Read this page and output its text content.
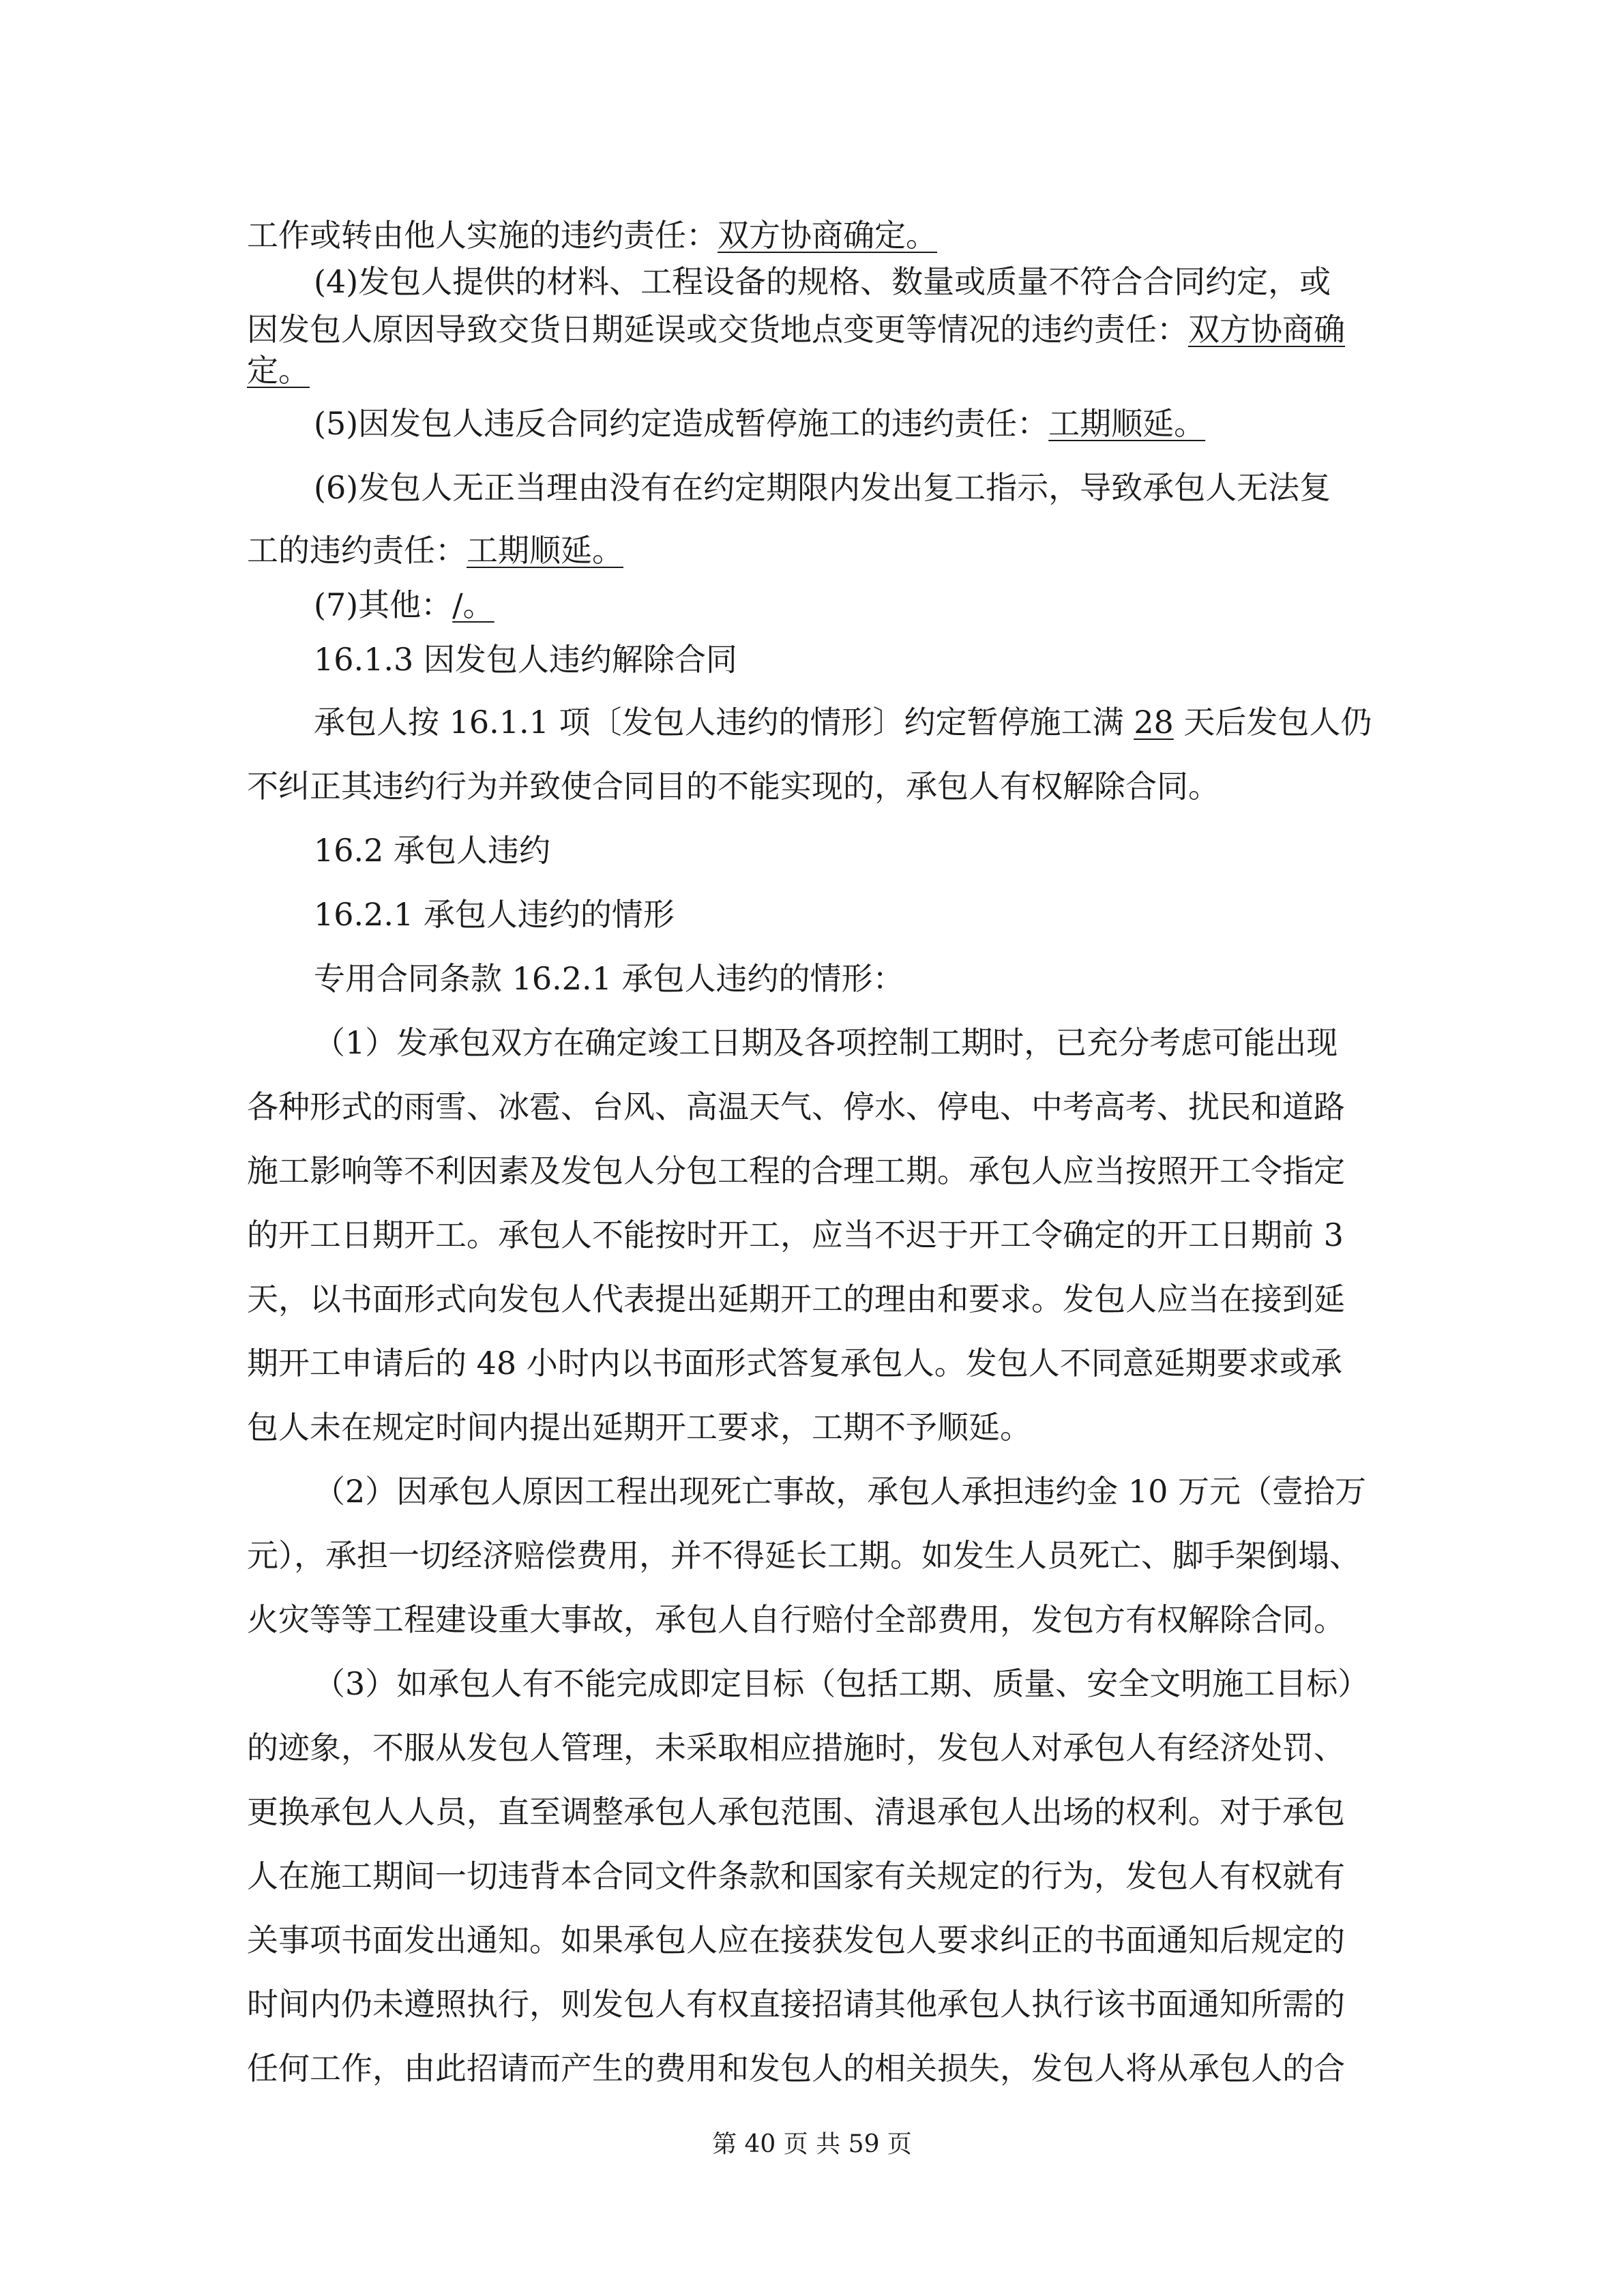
工作或转由他人实施的违约责任：双方协商确定。
(4)发包人提供的材料、工程设备的规格、数量或质量不符合合同约定，或
因发包人原因导致交货日期延误或交货地点变更等情况的违约责任：双方协商确
定。
(5)因发包人违反合同约定造成暂停施工的违约责任：工期顺延。
(6)发包人无正当理由没有在约定期限内发出复工指示，导致承包人无法复
工的违约责任：工期顺延。
(7)其他：/。
16.1.3 因发包人违约解除合同
承包人按 16.1.1 项〔发包人违约的情形〕约定暂停施工满 28 天后发包人仍
不纠正其违约行为并致使合同目的不能实现的，承包人有权解除合同。
16.2 承包人违约
16.2.1 承包人违约的情形
专用合同条款 16.2.1 承包人违约的情形：
（1）发承包双方在确定竣工日期及各项控制工期时，已充分考虑可能出现
各种形式的雨雪、冰雹、台风、高温天气、停水、停电、中考高考、扰民和道路
施工影响等不利因素及发包人分包工程的合理工期。承包人应当按照开工令指定
的开工日期开工。承包人不能按时开工，应当不迟于开工令确定的开工日期前 3
天，以书面形式向发包人代表提出延期开工的理由和要求。发包人应当在接到延
期开工申请后的 48 小时内以书面形式答复承包人。发包人不同意延期要求或承
包人未在规定时间内提出延期开工要求，工期不予顺延。
（2）因承包人原因工程出现死亡事故，承包人承担违约金 10 万元（壹拾万
元），承担一切经济赔偿费用，并不得延长工期。如发生人员死亡、脚手架倒塌、
火灾等等工程建设重大事故，承包人自行赔付全部费用，发包方有权解除合同。
（3）如承包人有不能完成即定目标（包括工期、质量、安全文明施工目标）
的迹象，不服从发包人管理，未采取相应措施时，发包人对承包人有经济处罚、
更换承包人人员，直至调整承包人承包范围、清退承包人出场的权利。对于承包
人在施工期间一切违背本合同文件条款和国家有关规定的行为，发包人有权就有
关事项书面发出通知。如果承包人应在接获发包人要求纠正的书面通知后规定的
时间内仍未遵照执行，则发包人有权直接招请其他承包人执行该书面通知所需的
任何工作，由此招请而产生的费用和发包人的相关损失，发包人将从承包人的合
第 40 页 共 59 页
